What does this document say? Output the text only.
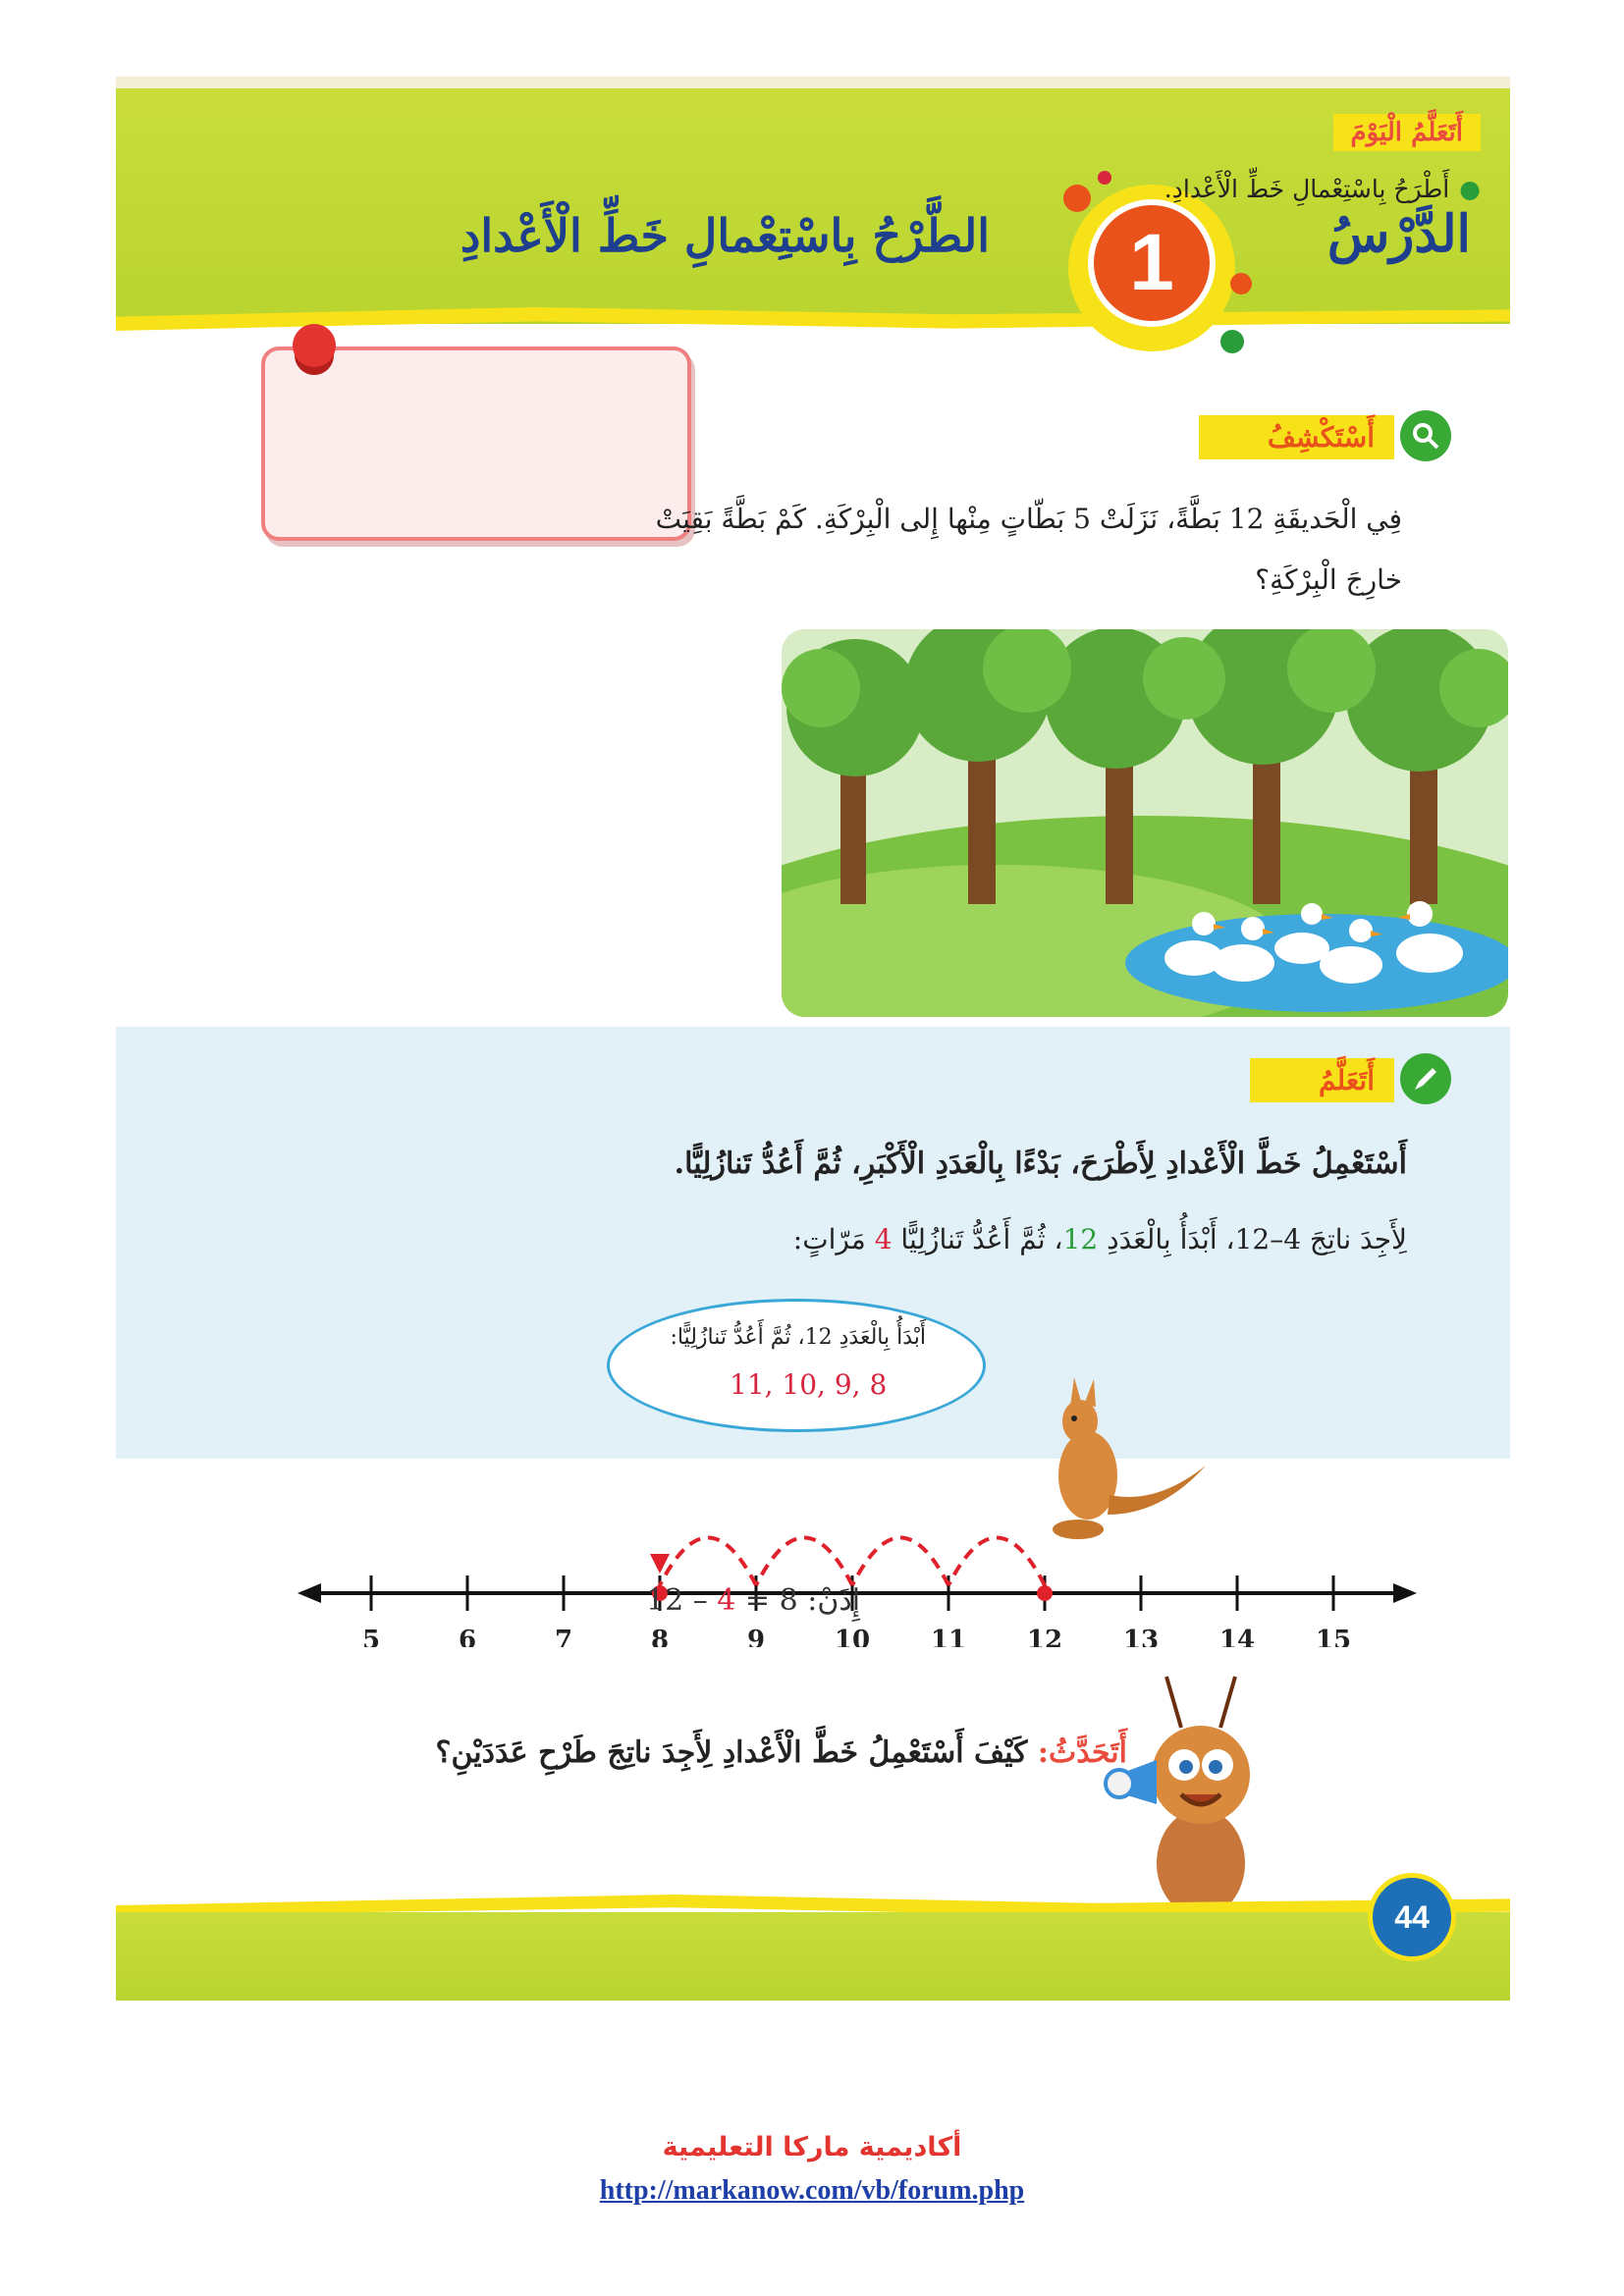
الدَّرْسُ
1
الطَّرْحُ بِاسْتِعْمالِ خَطِّ الْأَعْدادِ
أَتَعَلَّمُ الْيَوْمَ
●أَطْرَحُ بِاسْتِعْمالِ خَطِّ الْأَعْدادِ.
أَسْتَكْشِفُ
فِي الْحَديقَةِ 12 بَطَّةً، نَزَلَتْ 5 بَطّاتٍ مِنْها إِلى الْبِرْكَةِ. كَمْ بَطَّةً بَقِيَتْ خارِجَ الْبِرْكَةِ؟
أَتَعَلَّمُ
أَسْتَعْمِلُ خَطَّ الْأَعْدادِ لِأَطْرَحَ، بَدْءًا بِالْعَدَدِ الْأَكْبَرِ، ثُمَّ أَعُدُّ تَنازُلِيًّا.
لِأَجِدَ ناتِجَ 4–12، أَبْدَأُ بِالْعَدَدِ 12، ثُمَّ أَعُدُّ تَنازُلِيًّا 4 مَرّاتٍ:
أَبْدَأُ بِالْعَدَدِ 12، ثُمَّ أَعُدُّ تَنازُلِيًّا:
11, 10, 9, 8
5	6	7	8	9	10 11 12 13 14 15
إِذَنْ: 12 – 4 = 8
أَتَحَدَّثُ: كَيْفَ أَسْتَعْمِلُ خَطَّ الْأَعْدادِ لِأَجِدَ ناتِجَ طَرْحِ عَدَدَيْنِ؟
44
أكاديمية ماركا التعليمية
http://markanow.com/vb/forum.php
